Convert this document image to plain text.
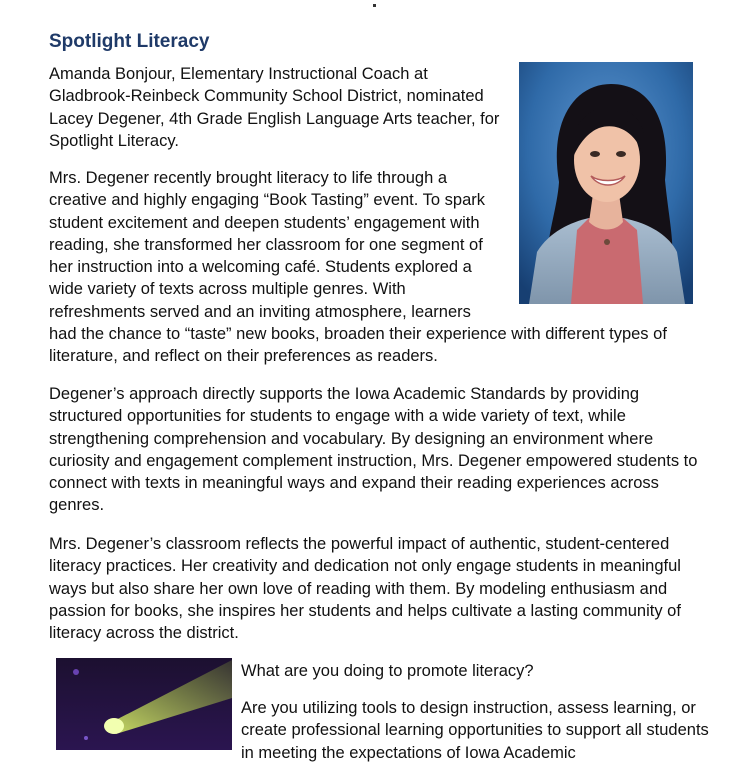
Spotlight Literacy

Amanda Bonjour, Elementary Instructional Coach at Gladbrook-Reinbeck Community School District, nominated Lacey Degener, 4th Grade English Language Arts teacher, for Spotlight Literacy.

Mrs. Degener recently brought literacy to life through a creative and highly engaging “Book Tasting” event. To spark student excitement and deepen students’ engagement with reading, she transformed her classroom for one segment of her instruction into a welcoming café. Students explored a wide variety of texts across multiple genres. With

refreshments served and an inviting atmosphere, learners

had the chance to “taste” new books, broaden their experience with different types of literature, and reflect on their preferences as readers.

Degener’s approach directly supports the Iowa Academic Standards by providing structured opportunities for students to engage with a wide variety of text, while strengthening comprehension and vocabulary. By designing an environment where curiosity and engagement complement instruction, Mrs. Degener empowered students to connect with texts in meaningful ways and expand their reading experiences across genres.

Mrs. Degener’s classroom reflects the powerful impact of authentic, student-centered literacy practices. Her creativity and dedication not only engage students in meaningful ways but also share her own love of reading with them. By modeling enthusiasm and passion for books, she inspires her students and helps cultivate a lasting community of literacy across the district.

What are you doing to promote literacy?

Are you utilizing tools to design instruction, assess learning, or create professional learning opportunities to support all students in meeting the expectations of Iowa Academic
